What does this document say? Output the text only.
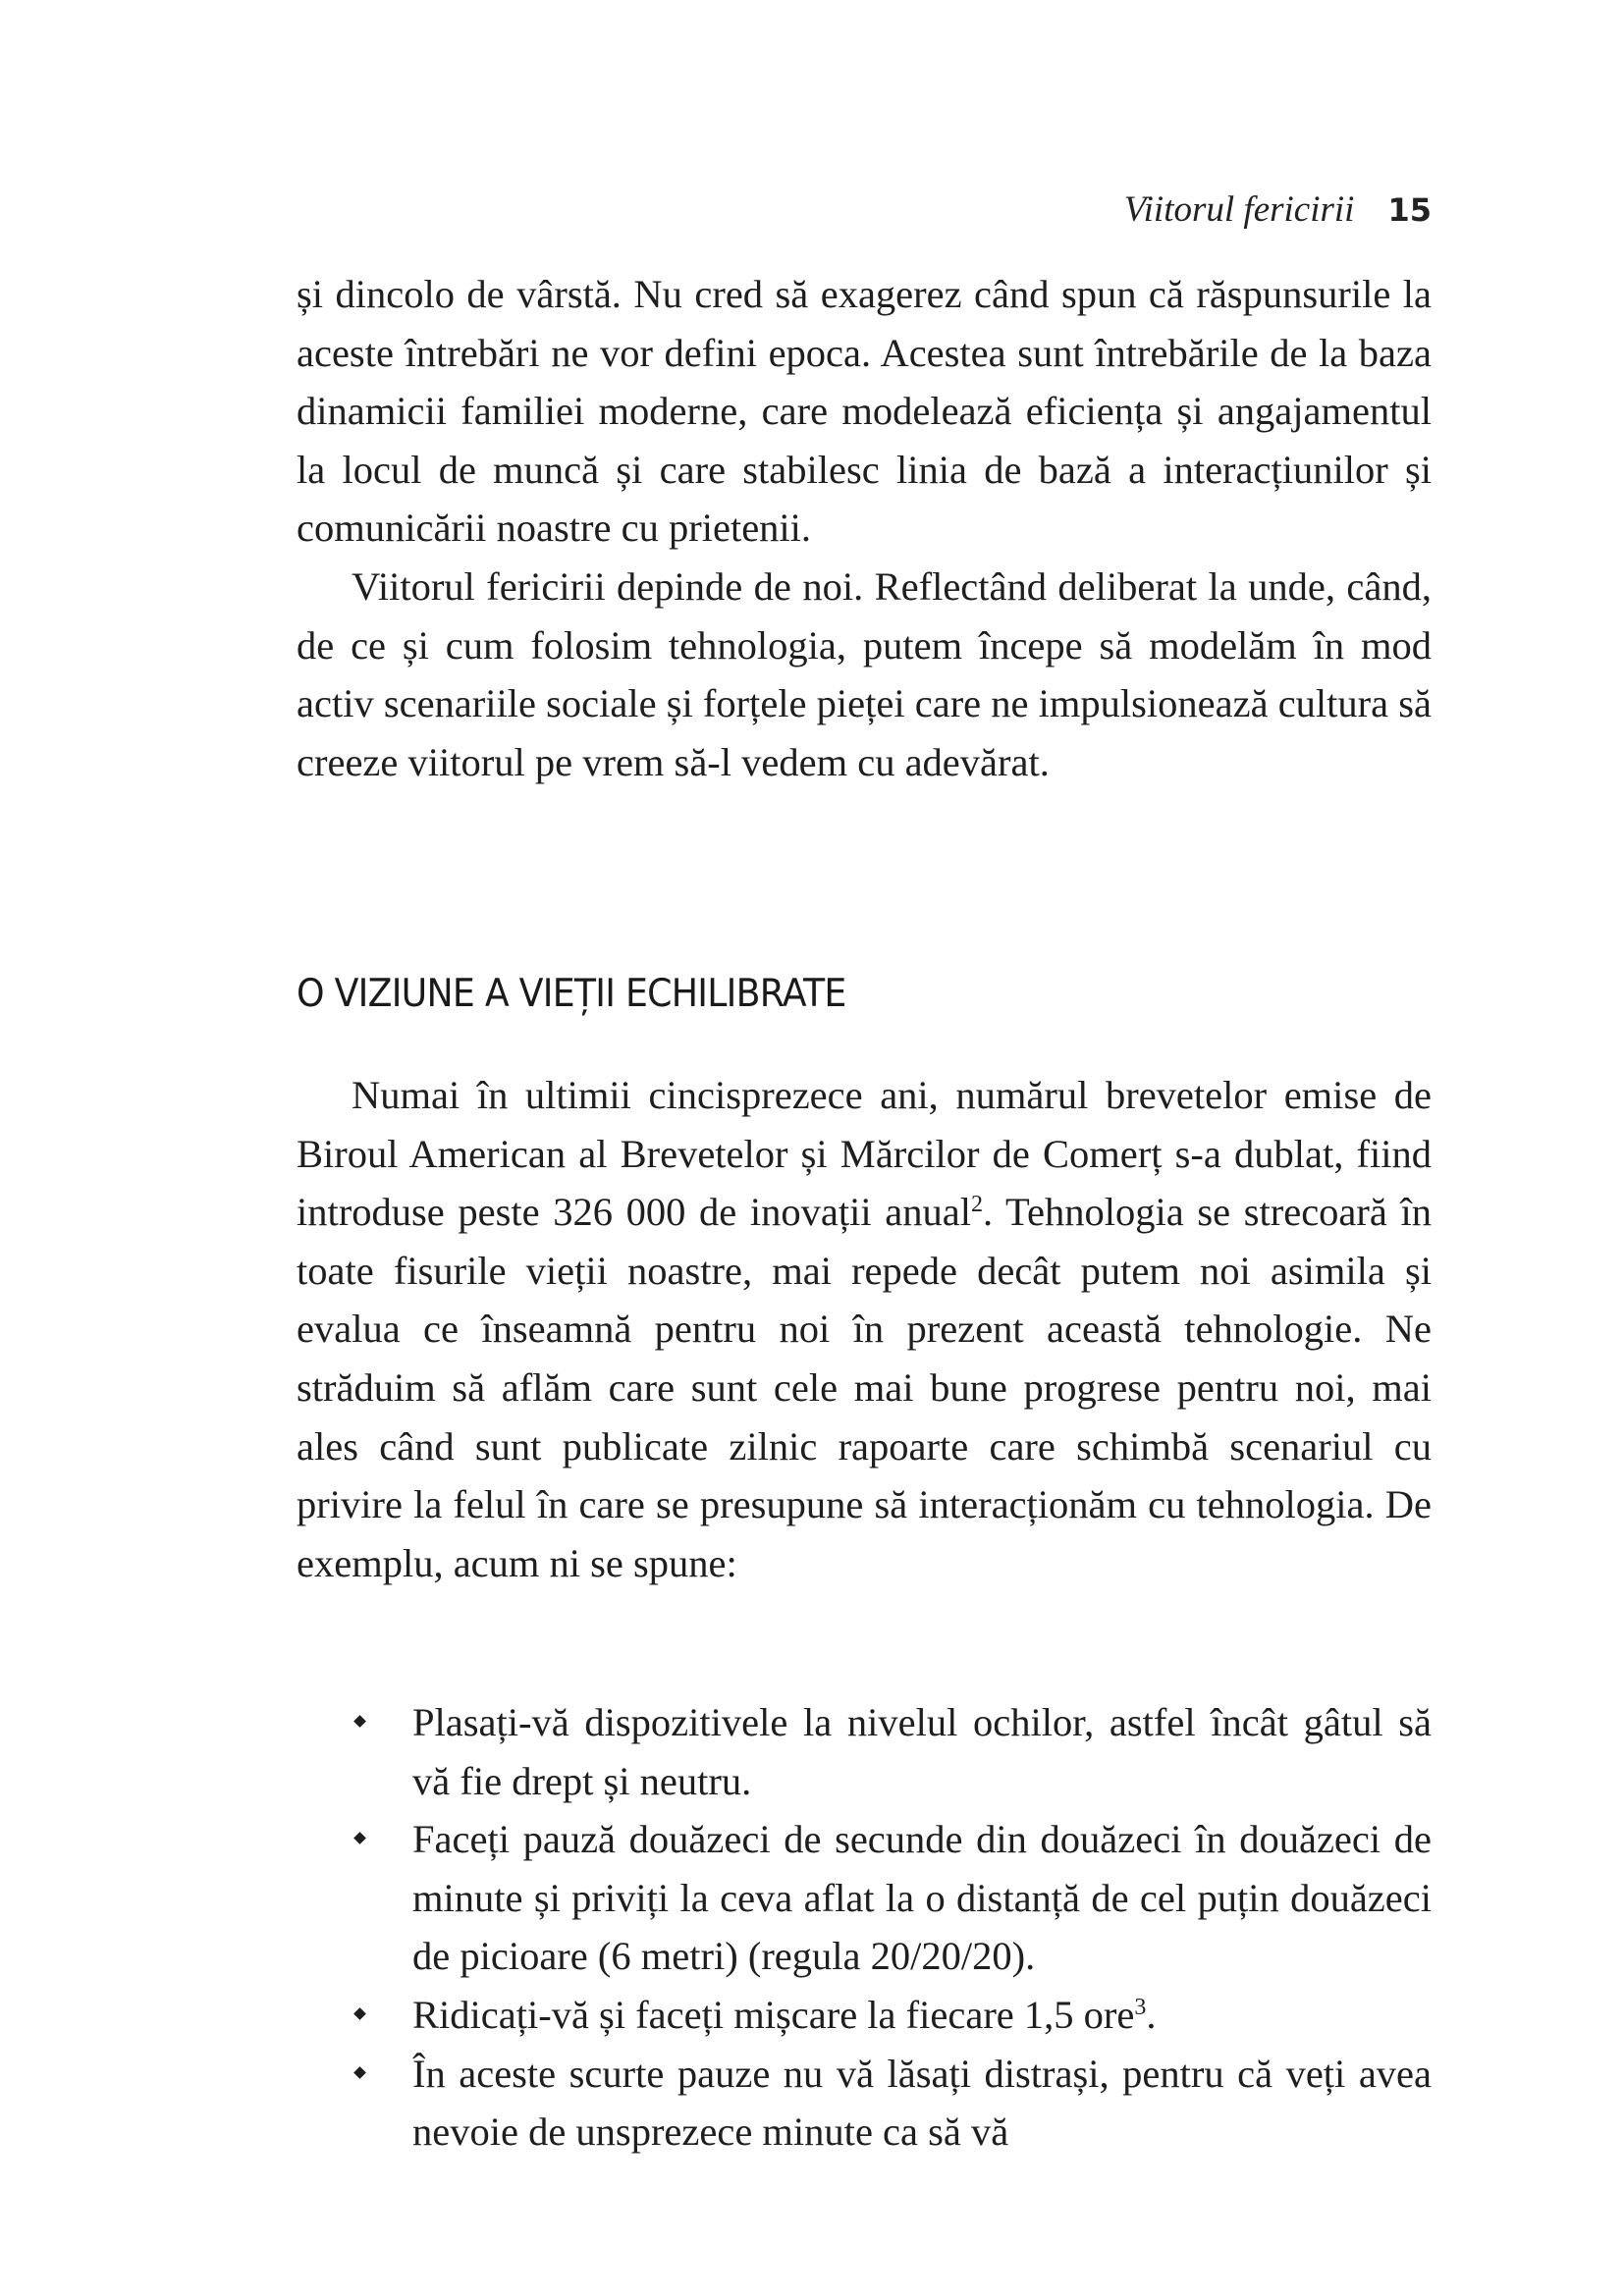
Viitorul fericirii 15

și dincolo de vârstă. Nu cred să exagerez când spun că răspunsurile la aceste întrebări ne vor defini epoca. Acestea sunt întrebările de la baza dinamicii familiei moderne, care modelează eficiența și angajamentul la locul de muncă și care stabilesc linia de bază a interacțiunilor și comunicării noastre cu prietenii.

Viitorul fericirii depinde de noi. Reflectând deliberat la unde, când, de ce și cum folosim tehnologia, putem începe să modelăm în mod activ scenariile sociale și forțele pieței care ne impulsionează cultura să creeze viitorul pe vrem să-l vedem cu adevărat.

O VIZIUNE A VIEȚII ECHILIBRATE

Numai în ultimii cincisprezece ani, numărul brevetelor emise de Biroul American al Brevetelor și Mărcilor de Comerț s-a dublat, fiind introduse peste 326 000 de inovații anual$^2$. Tehnologia se strecoară în toate fisurile vieții noastre, mai repede decât putem noi asimila și evalua ce înseamnă pentru noi în prezent această tehnologie. Ne străduim să aflăm care sunt cele mai bune progrese pentru noi, mai ales când sunt publicate zilnic rapoarte care schimbă scenariul cu privire la felul în care se presupune să interacționăm cu tehnologia. De exemplu, acum ni se spune:

Plasați-vă dispozitivele la nivelul ochilor, astfel încât gâtul să vă fie drept și neutru.
Faceți pauză douăzeci de secunde din douăzeci în douăzeci de minute și priviți la ceva aflat la o distanță de cel puțin douăzeci de picioare (6 metri) (regula 20/20/20).
Ridicați-vă și faceți mișcare la fiecare 1,5 ore$^3$.
În aceste scurte pauze nu vă lăsați distrași, pentru că veți avea nevoie de unsprezece minute ca să vă
